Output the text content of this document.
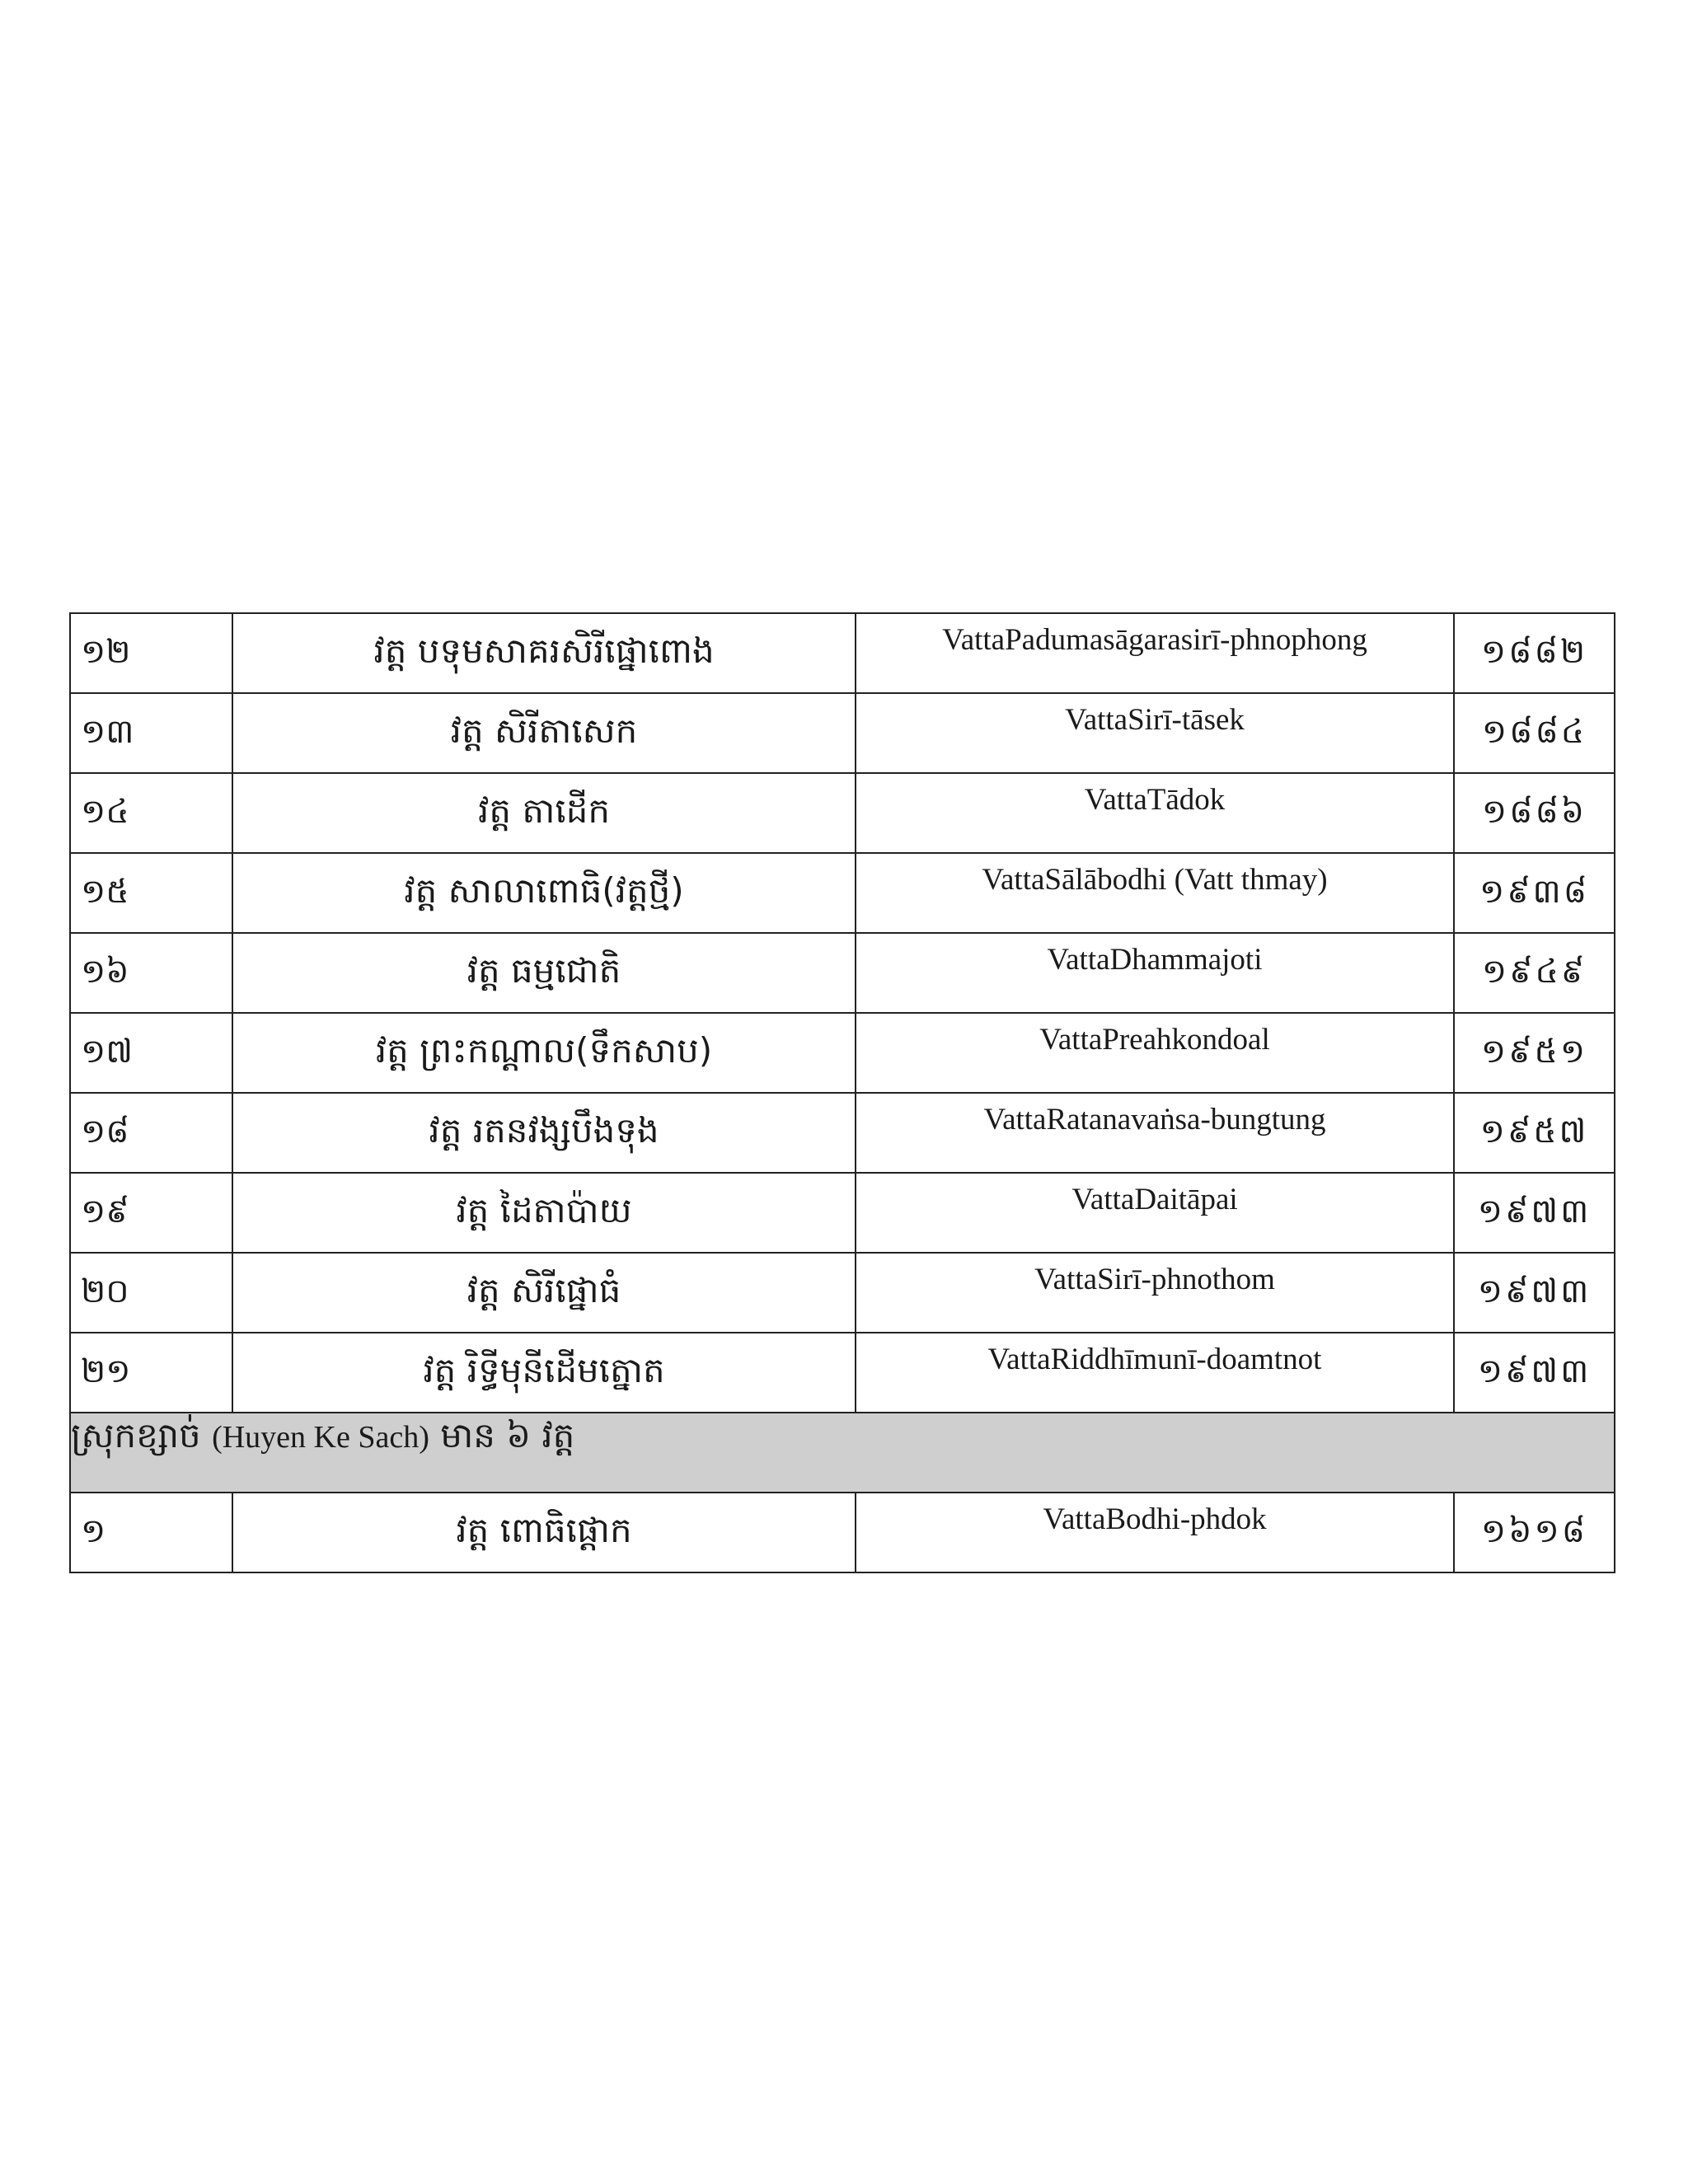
១២	វត្ត បទុមសាគរសិរីផ្នោពោង	VattaPadumasāgarasirī-phnophong	១៨៨២
១៣	វត្ត សិរីតាសេក	VattaSirī-tāsek	១៨៨៤
១៤	វត្ត តាដើក	VattaTādok	១៨៨៦
១៥	វត្ត សាលាពោធិ(វត្តថ្មី)	VattaSālābodhi (Vatt thmay)	១៩៣៨
១៦	វត្ត ធម្មជោតិ	VattaDhammajoti	១៩៤៩
១៧	វត្ត ព្រះកណ្ដាល(ទឹកសាប)	VattaPreahkondoal	១៩៥១
១៨	វត្ត រតនវង្សបឹងទុង	VattaRatanavaṅsa-bungtung	១៩៥៧
១៩	វត្ត ដៃតាប៉ាយ	VattaDaitāpai	១៩៧៣
២០	វត្ត សិរីផ្នោធំ	VattaSirī-phnothom	១៩៧៣
២១	វត្ត រិទ្ធីមុនីដើមត្នោត	VattaRiddhīmunī-doamtnot	១៩៧៣
ស្រុកខ្សាច់ (Huyen Ke Sach) មាន ៦ វត្ត			
១	វត្ត ពោធិផ្ដោក	VattaBodhi-phdok	១៦១៨
